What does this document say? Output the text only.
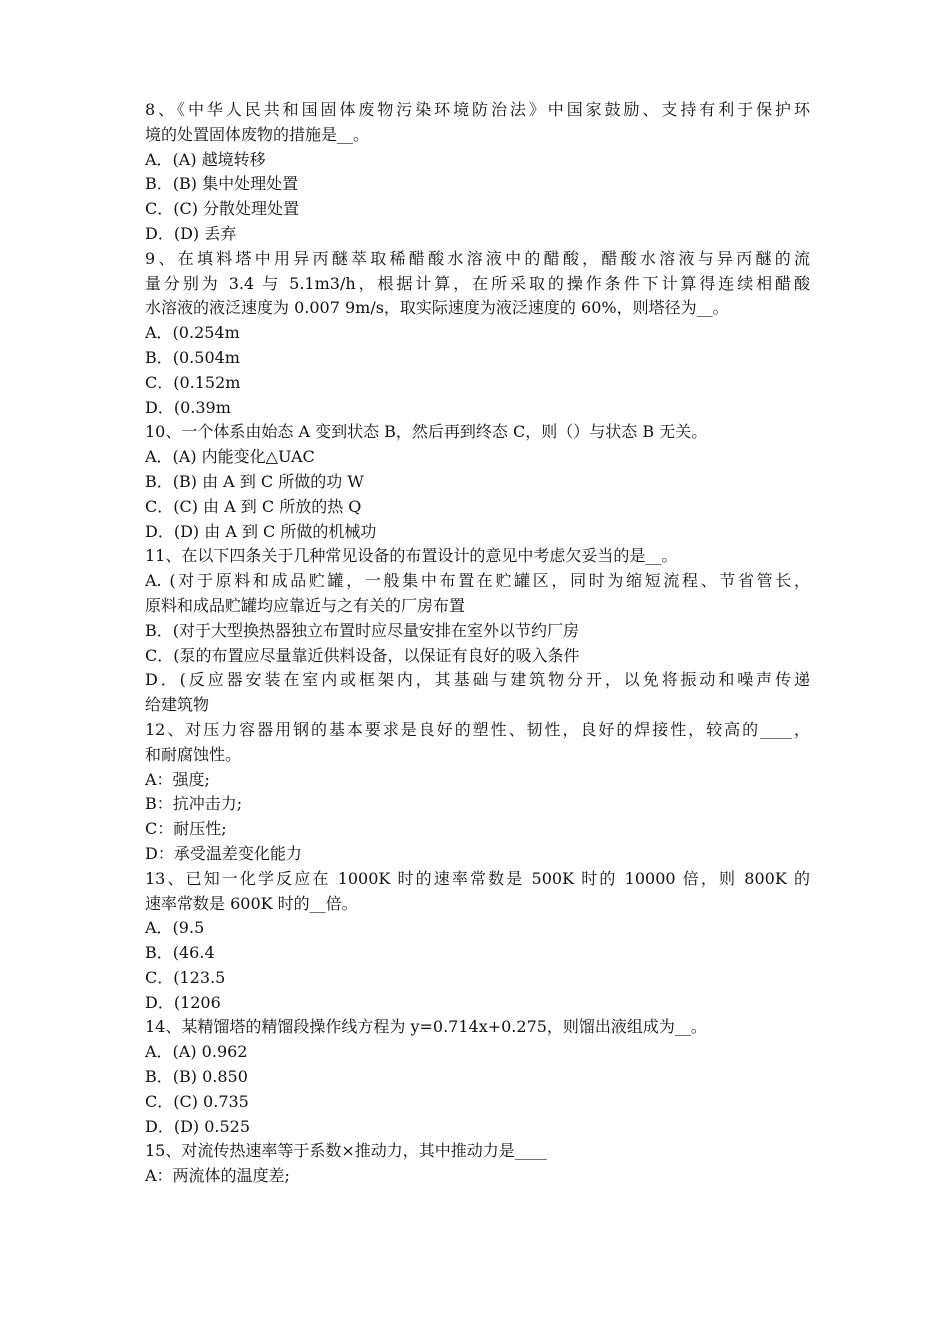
8、《中华人民共和国固体废物污染环境防治法》中国家鼓励、支持有利于保护环
境的处置固体废物的措施是__。
A．(A) 越境转移
B．(B) 集中处理处置
C．(C) 分散处理处置
D．(D) 丢弃
9、在填料塔中用异丙醚萃取稀醋酸水溶液中的醋酸，醋酸水溶液与异丙醚的流
量分别为 3.4 与 5.1m3/h，根据计算，在所采取的操作条件下计算得连续相醋酸
水溶液的液泛速度为 0.007 9m/s，取实际速度为液泛速度的 60%，则塔径为__。
A．(0.254m
B．(0.504m
C．(0.152m
D．(0.39m
10、一个体系由始态 A 变到状态 B，然后再到终态 C，则（）与状态 B 无关。
A．(A) 内能变化△UAC
B．(B) 由 A 到 C 所做的功 W
C．(C) 由 A 到 C 所放的热 Q
D．(D) 由 A 到 C 所做的机械功
11、在以下四条关于几种常见设备的布置设计的意见中考虑欠妥当的是__。
A. (对于原料和成品贮罐，一般集中布置在贮罐区，同时为缩短流程、节省管长，
原料和成品贮罐均应靠近与之有关的厂房布置
B．(对于大型换热器独立布置时应尽量安排在室外以节约厂房
C．(泵的布置应尽量靠近供料设备，以保证有良好的吸入条件
D．(反应器安装在室内或框架内，其基础与建筑物分开，以免将振动和噪声传递
给建筑物
12、对压力容器用钢的基本要求是良好的塑性、韧性，良好的焊接性，较高的____，
和耐腐蚀性。
A：强度;
B：抗冲击力;
C：耐压性;
D：承受温差变化能力
13、已知一化学反应在 1000K 时的速率常数是 500K 时的 10000 倍，则 800K 的
速率常数是 600K 时的__倍。
A．(9.5
B．(46.4
C．(123.5
D．(1206
14、某精馏塔的精馏段操作线方程为 y=0.714x+0.275，则馏出液组成为__。
A．(A) 0.962
B．(B) 0.850
C．(C) 0.735
D．(D) 0.525
15、对流传热速率等于系数×推动力，其中推动力是____
A：两流体的温度差;
